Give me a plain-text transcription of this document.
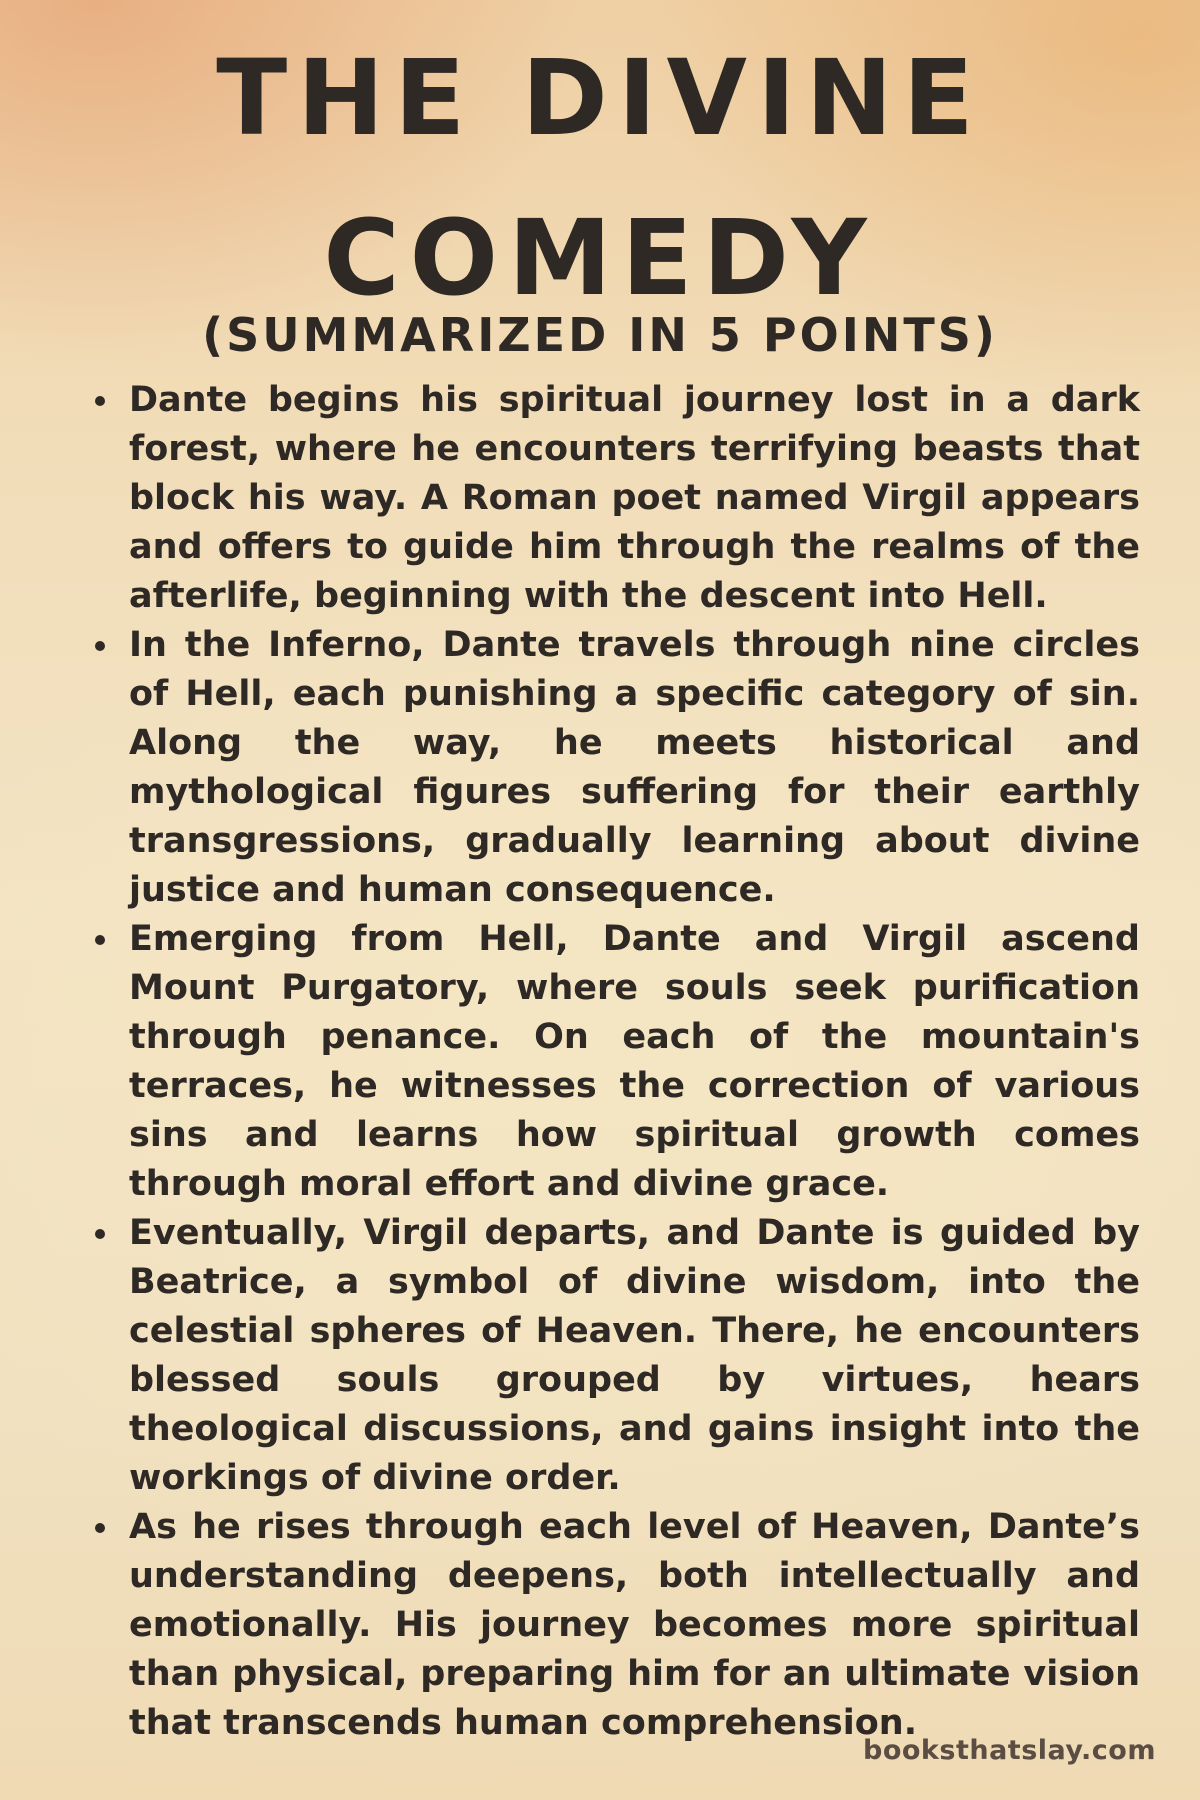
THE DIVINE
COMEDY
(SUMMARIZED IN 5 POINTS)
Dante begins his spiritual journey lost in a dark forest, where he encounters terrifying beasts that block his way. A Roman poet named Virgil appears and offers to guide him through the realms of the afterlife, beginning with the descent into Hell.
In the Inferno, Dante travels through nine circles of Hell, each punishing a specific category of sin. Along the way, he meets historical and mythological figures suffering for their earthly transgressions, gradually learning about divine justice and human consequence.
Emerging from Hell, Dante and Virgil ascend Mount Purgatory, where souls seek purification through penance. On each of the mountain's terraces, he witnesses the correction of various sins and learns how spiritual growth comes through moral effort and divine grace.
Eventually, Virgil departs, and Dante is guided by Beatrice, a symbol of divine wisdom, into the celestial spheres of Heaven. There, he encounters blessed souls grouped by virtues, hears theological discussions, and gains insight into the workings of divine order.
As he rises through each level of Heaven, Dante’s understanding deepens, both intellectually and emotionally. His journey becomes more spiritual than physical, preparing him for an ultimate vision that transcends human comprehension.
booksthatslay.com
